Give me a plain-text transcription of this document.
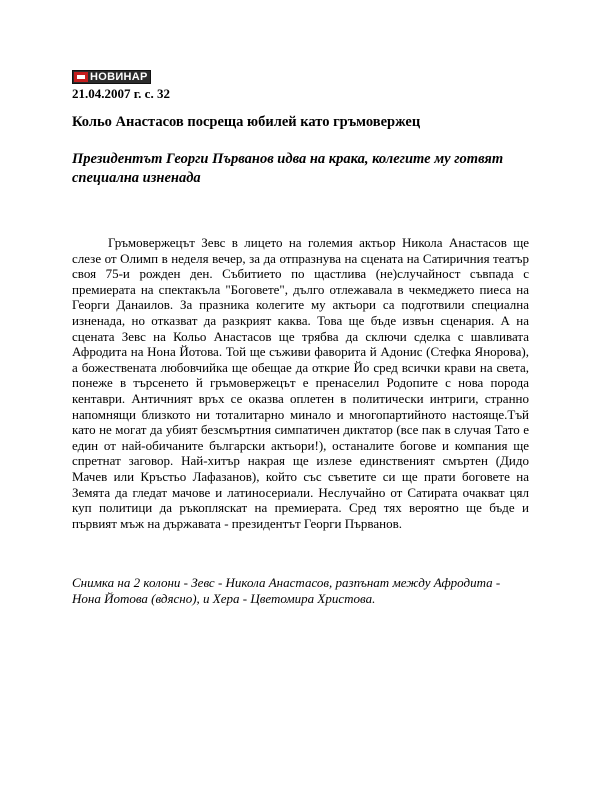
НОВИНАР
21.04.2007 г. с. 32
Кольо Анастасов посреща юбилей като гръмовержец
Президентът Георги Първанов идва на крака, колегите му готвят специална изненада

Гръмовержецът Зевс в лицето на големия актьор Никола Анастасов ще слезе от Олимп в неделя вечер, за да отпразнува на сцената на Сатиричния театър своя 75-и рожден ден. Събитието по щастлива (не)случайност съвпада с премиерата на спектакъла "Боговете", дълго отлежавала в чекмеджето пиеса на Георги Данаилов. За празника колегите му актьори са подготвили специална изненада, но отказват да разкрият каква. Това ще бъде извън сценария. А на сцената Зевс на Кольо Анастасов ще трябва да сключи сделка с шавливата Афродита на Нона Йотова. Той ще съживи фаворита й Адонис (Стефка Янорова), а божествената любовчийка ще обещае да открие Йо сред всички крави на света, понеже в търсенето й гръмовержецът е пренаселил Родопите с нова порода кентаври. Античният връх се оказва оплетен в политически интриги, странно напомнящи близкото ни тоталитарно минало и многопартийното настояще.Тъй като не могат да убият безсмъртния симпатичен диктатор (все пак в случая Тато е един от най-обичаните български актьори!), останалите богове и компания ще спретнат заговор. Най-хитър накрая ще излезе единственият смъртен (Дидо Мачев или Кръстьо Лафазанов), който със съветите си ще прати боговете на Земята да гледат мачове и латиносериали. Неслучайно от Сатирата очакват цял куп политици да ръкопляскат на премиерата. Сред тях вероятно ще бъде и първият мъж на държавата - президентът Георги Първанов.

Снимка на 2 колони - Зевс - Никола Анастасов, разпънат между Афродита - Нона Йотова (вдясно), и Хера - Цветомира Христова.
